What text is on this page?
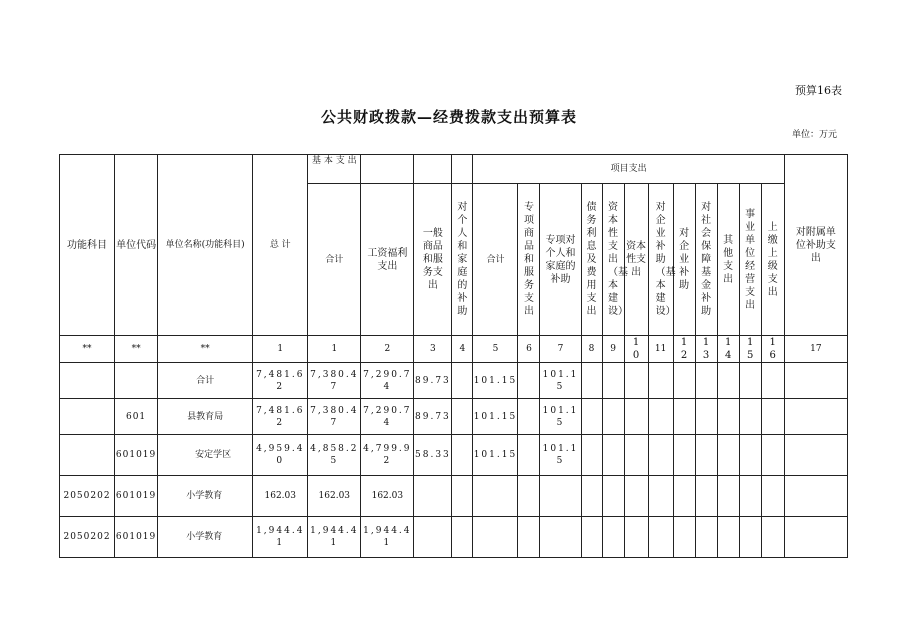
预算16表
公共财政拨款—经费拨款支出预算表
单位：万元
功能科目	单位代码	单位名称(功能科目)	总 计	基 本 支 出				项目支出												对附属单位补助支出
				合计	工资福利支出	一般商品和服务支出	对个人和家庭的补助	合计	专项商品和服务支出	专项对个人和家庭的补助	债务利息及费用支出	资本性支出（基本建设）	资本性支出	对企业补助（基本建设）	对企业补助	对社会保障基金补助	其他支出	事业单位经营支出	上缴上级支出	
**	**	**	1	1	2	3	4	5	6	7	8	9	10	11	12	13	14	15	16	17
		合计	7,481.62	7,380.47	7,290.74	89.73		101.15		101.15										
	601	县教育局	7,481.62	7,380.47	7,290.74	89.73		101.15		101.15										
	601019	安定学区	4,959.40	4,858.25	4,799.92	58.33		101.15		101.15										
2050202	601019	小学教育	162.03	162.03	162.03															
2050202	601019	小学教育	1,944.41	1,944.41	1,944.41															
